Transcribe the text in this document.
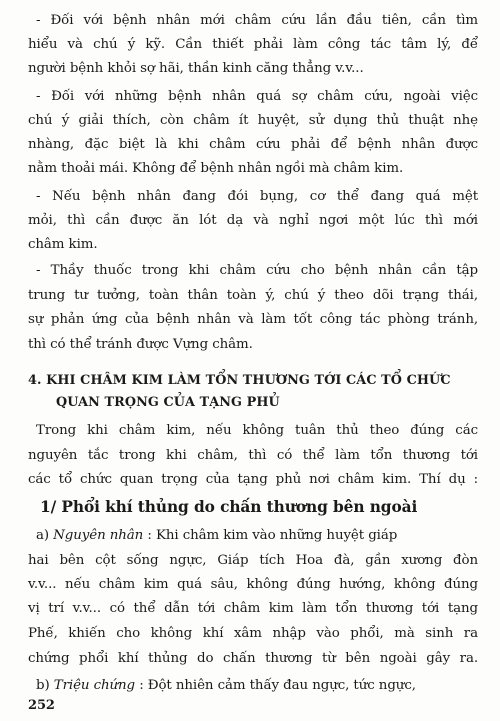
- Đối với bệnh nhân mới châm cứu lần đầu tiên, cần tìm
hiểu và chú ý kỹ. Cần thiết phải làm công tác tâm lý, để
người bệnh khỏi sợ hãi, thần kinh căng thẳng v.v...
- Đối với những bệnh nhân quá sợ châm cứu, ngoài việc
chú ý giải thích, còn châm ít huyệt, sử dụng thủ thuật nhẹ
nhàng, đặc biệt là khi châm cứu phải để bệnh nhân được
nằm thoải mái. Không để bệnh nhân ngồi mà châm kim.
- Nếu bệnh nhân đang đói bụng, cơ thể đang quá mệt
mỏi, thì cần được ăn lót dạ và nghỉ ngơi một lúc thì mới
châm kim.
- Thầy thuốc trong khi châm cứu cho bệnh nhân cần tập
trung tư tưởng, toàn thân toàn ý, chú ý theo dõi trạng thái,
sự phản ứng của bệnh nhân và làm tốt công tác phòng tránh,
thì có thể tránh được Vựng châm.
4. KHI CHÂM KIM LÀM TỔN THƯƠNG TỚI CÁC TỔ CHỨC
QUAN TRỌNG CỦA TẠNG PHỦ
Trong khi châm kim, nếu không tuân thủ theo đúng các
nguyên tắc trong khi châm, thì có thể làm tổn thương tới
các tổ chức quan trọng của tạng phủ nơi châm kim. Thí dụ :
1/ Phổi khí thủng do chấn thương bên ngoài
a) Nguyên nhân : Khi châm kim vào những huyệt giáp
hai bên cột sống ngực, Giáp tích Hoa đà, gần xương đòn
v.v... nếu châm kim quá sâu, không đúng hướng, không đúng
vị trí v.v... có thể dẫn tới châm kim làm tổn thương tới tạng
Phế, khiến cho không khí xâm nhập vào phổi, mà sinh ra
chứng phổi khí thủng do chấn thương từ bên ngoài gây ra.
b) Triệu chứng : Đột nhiên cảm thấy đau ngực, tức ngực,
252
